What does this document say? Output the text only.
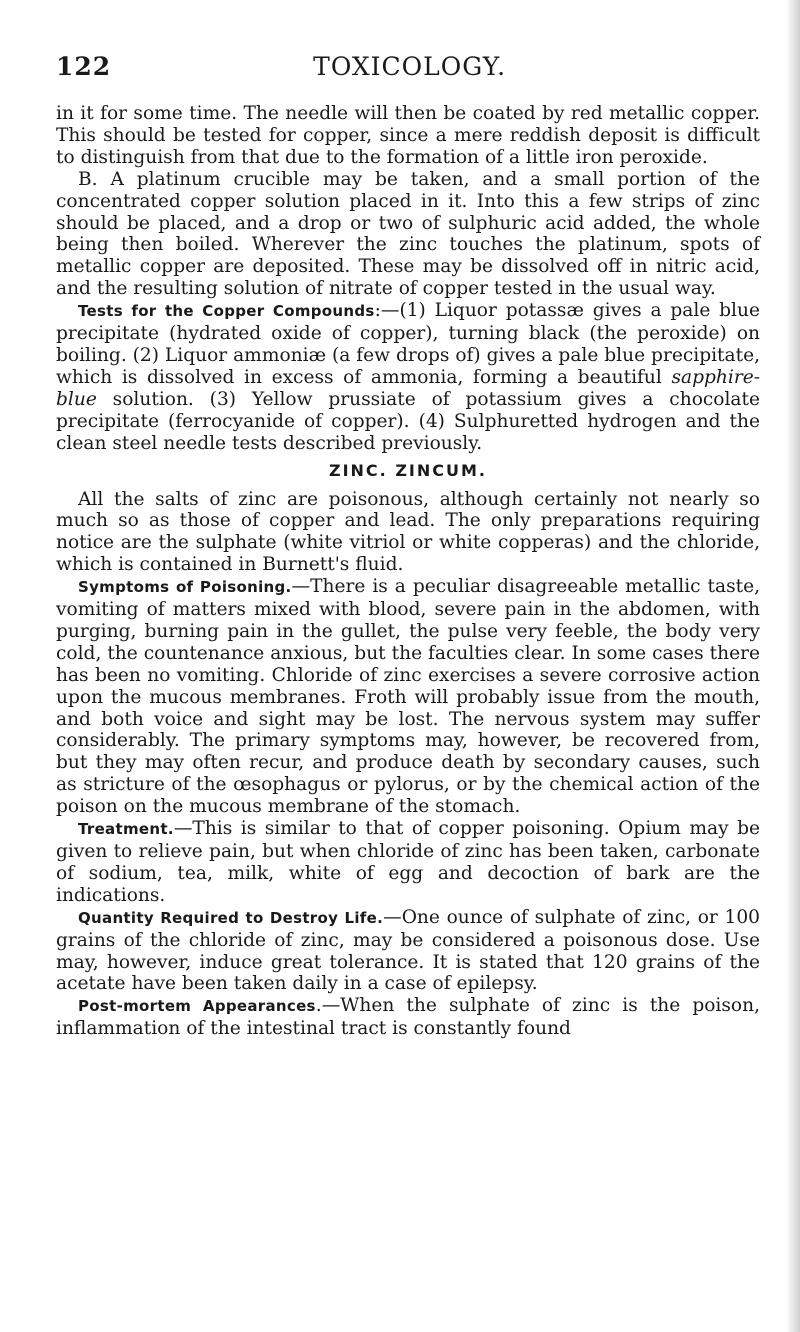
122	TOXICOLOGY.

in it for some time. The needle will then be coated by red metallic copper. This should be tested for copper, since a mere reddish deposit is difficult to distinguish from that due to the formation of a little iron peroxide.

B. A platinum crucible may be taken, and a small portion of the concentrated copper solution placed in it. Into this a few strips of zinc should be placed, and a drop or two of sulphuric acid added, the whole being then boiled. Wherever the zinc touches the platinum, spots of metallic copper are deposited. These may be dissolved off in nitric acid, and the resulting solution of nitrate of copper tested in the usual way.

Tests for the Copper Compounds:—(1) Liquor potassæ gives a pale blue precipitate (hydrated oxide of copper), turning black (the peroxide) on boiling. (2) Liquor ammoniæ (a few drops of) gives a pale blue precipitate, which is dissolved in excess of ammonia, forming a beautiful sapphire-blue solution. (3) Yellow prussiate of potassium gives a chocolate precipitate (ferrocyanide of copper). (4) Sulphuretted hydrogen and the clean steel needle tests described previously.

ZINC. ZINCUM.

All the salts of zinc are poisonous, although certainly not nearly so much so as those of copper and lead. The only preparations requiring notice are the sulphate (white vitriol or white copperas) and the chloride, which is contained in Burnett's fluid.

Symptoms of Poisoning.—There is a peculiar disagreeable metallic taste, vomiting of matters mixed with blood, severe pain in the abdomen, with purging, burning pain in the gullet, the pulse very feeble, the body very cold, the countenance anxious, but the faculties clear. In some cases there has been no vomiting. Chloride of zinc exercises a severe corrosive action upon the mucous membranes. Froth will probably issue from the mouth, and both voice and sight may be lost. The nervous system may suffer considerably. The primary symptoms may, however, be recovered from, but they may often recur, and produce death by secondary causes, such as stricture of the œsophagus or pylorus, or by the chemical action of the poison on the mucous membrane of the stomach.

Treatment.—This is similar to that of copper poisoning. Opium may be given to relieve pain, but when chloride of zinc has been taken, carbonate of sodium, tea, milk, white of egg and decoction of bark are the indications.

Quantity Required to Destroy Life.—One ounce of sulphate of zinc, or 100 grains of the chloride of zinc, may be considered a poisonous dose. Use may, however, induce great tolerance. It is stated that 120 grains of the acetate have been taken daily in a case of epilepsy.

Post-mortem Appearances.—When the sulphate of zinc is the poison, inflammation of the intestinal tract is constantly found
